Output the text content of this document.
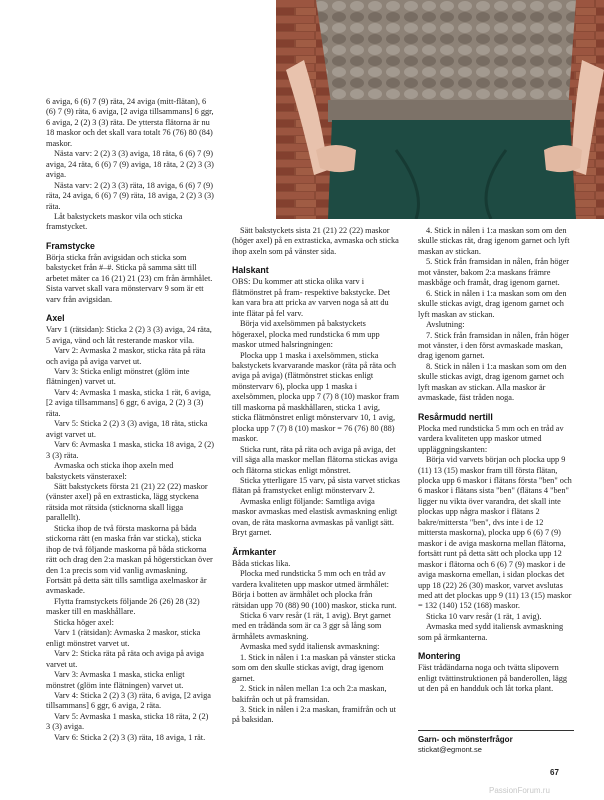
6 aviga, 6 (6) 7 (9) räta, 24 aviga (mitt-flätan), 6 (6) 7 (9) räta, 6 aviga, [2 aviga tillsammans] 6 ggr, 6 aviga, 2 (2) 3 (3) räta. De yttersta flätorna är nu 18 maskor och det skall vara totalt 76 (76) 80 (84) maskor.

Nästa varv: 2 (2) 3 (3) aviga, 18 räta, 6 (6) 7 (9) aviga, 24 räta, 6 (6) 7 (9) aviga, 18 räta, 2 (2) 3 (3) aviga.

Nästa varv: 2 (2) 3 (3) räta, 18 aviga, 6 (6) 7 (9) räta, 24 aviga, 6 (6) 7 (9) räta, 18 aviga, 2 (2) 3 (3) räta.

Låt bakstyckets maskor vila och sticka framstycket.

Framstycke

Börja sticka från avigsidan och sticka som bakstycket från #–#. Sticka på samma sätt till arbetet mäter ca 16 (21) 21 (23) cm från ärmhålet. Sista varvet skall vara mönstervarv 9 som är ett varv från avigsidan.

Axel

Varv 1 (rätsidan): Sticka 2 (2) 3 (3) aviga, 24 räta, 5 aviga, vänd och låt resterande maskor vila.

Varv 2: Avmaska 2 maskor, sticka räta på räta och aviga på aviga varvet ut.

Varv 3: Sticka enligt mönstret (glöm inte flätningen) varvet ut.

Varv 4: Avmaska 1 maska, sticka 1 rät, 6 aviga, [2 aviga tillsammans] 6 ggr, 6 aviga, 2 (2) 3 (3) räta.

Varv 5: Sticka 2 (2) 3 (3) aviga, 18 räta, sticka avigt varvet ut.

Varv 6: Avmaska 1 maska, sticka 18 aviga, 2 (2) 3 (3) räta.

Avmaska och sticka ihop axeln med bakstyckets vänsteraxel:

Sätt bakstyckets första 21 (21) 22 (22) maskor (vänster axel) på en extrasticka, lägg styckena rätsida mot rätsida (sticknorna skall ligga parallellt).

Sticka ihop de två första maskorna på båda stickorna rätt (en maska från var sticka), sticka ihop de två följande maskorna på båda stickorna rätt och drag den 2:a maskan på högerstickan över den 1:a precis som vid vanlig avmaskning. Fortsätt på detta sätt tills samtliga axelmaskor är avmaskade.

Flytta framstyckets följande 26 (26) 28 (32) masker till en maskhållare.

Sticka höger axel:

Varv 1 (rätsidan): Avmaska 2 maskor, sticka enligt mönstret varvet ut.

Varv 2: Sticka räta på räta och aviga på aviga varvet ut.

Varv 3: Avmaska 1 maska, sticka enligt mönstret (glöm inte flätningen) varvet ut.

Varv 4: Sticka 2 (2) 3 (3) räta, 6 aviga, [2 aviga tillsammans] 6 ggr, 6 aviga, 2 räta.

Varv 5: Avmaska 1 maska, sticka 18 räta, 2 (2) 3 (3) aviga.

Varv 6: Sticka 2 (2) 3 (3) räta, 18 aviga, 1 rät.

Sätt bakstyckets sista 21 (21) 22 (22) maskor (höger axel) på en extrasticka, avmaska och sticka ihop axeln som på vänster sida.

Halskant

OBS: Du kommer att sticka olika varv i flätmönstret på fram- respektive bakstycke. Det kan vara bra att pricka av varven noga så att du inte flätar på fel varv.

Börja vid axelsömmen på bakstyckets högeraxel, plocka med rundsticka 6 mm upp maskor utmed halsringningen:

Plocka upp 1 maska i axelsömmen, sticka bakstyckets kvarvarande maskor (räta på räta och aviga på aviga) (flätmönstret stickas enligt mönstervarv 6), plocka upp 1 maska i axelsömmen, plocka upp 7 (7) 8 (10) maskor fram till maskorna på maskhållaren, sticka 1 avig, sticka flätmönstret enligt mönstervarv 10, 1 avig, plocka upp 7 (7) 8 (10) maskor = 76 (76) 80 (88) maskor.

Sticka runt, räta på räta och aviga på aviga, det vill säga alla maskor mellan flätorna stickas aviga och flätorna stickas enligt mönstret.

Sticka ytterligare 15 varv, på sista varvet stickas flätan på framstycket enligt mönstervarv 2.

Avmaska enligt följande: Samtliga aviga maskor avmaskas med elastisk avmaskning enligt ovan, de räta maskorna avmaskas på vanligt sätt. Bryt garnet.

Ärmkanter

Båda stickas lika.

Plocka med rundsticka 5 mm och en tråd av vardera kvaliteten upp maskor utmed ärmhålet: Börja i botten av ärmhålet och plocka från rätsidan upp 70 (88) 90 (100) maskor, sticka runt.

Sticka 6 varv resår (1 rät, 1 avig). Bryt garnet med en trådända som är ca 3 ggr så lång som ärmhålets avmaskning.

Avmaska med sydd italiensk avmaskning:

1. Stick in nålen i 1:a maskan på vänster sticka som om den skulle stickas avigt, drag igenom garnet.

2. Stick in nålen mellan 1:a och 2:a maskan, bakifrån och ut på framsidan.

3. Stick in nålen i 2:a maskan, framifrån och ut på baksidan.

4. Stick in nålen i 1:a maskan som om den skulle stickas rät, drag igenom garnet och lyft maskan av stickan.

5. Stick från framsidan in nålen, från höger mot vänster, bakom 2:a maskans främre maskbåge och framåt, drag igenom garnet.

6. Stick in nålen i 1:a maskan som om den skulle stickas avigt, drag igenom garnet och lyft maskan av stickan.

Avslutning:

7. Stick från framsidan in nålen, från höger mot vänster, i den först avmaskade maskan, drag igenom garnet.

8. Stick in nålen i 1:a maskan som om den skulle stickas avigt, drag igenom garnet och lyft maskan av stickan. Alla maskor är avmaskade, fäst tråden noga.

Resårmudd nertill

Plocka med rundsticka 5 mm och en tråd av vardera kvaliteten upp maskor utmed uppläggningskanten:

Börja vid varvets början och plocka upp 9 (11) 13 (15) maskor fram till första flätan, plocka upp 6 maskor i flätans första "ben" och 6 maskor i flätans sista "ben" (flätans 4 "ben" ligger nu vikta över varandra, det skall inte plockas upp några maskor i flätans 2 bakre/mittersta "ben", dvs inte i de 12 mittersta maskorna), plocka upp 6 (6) 7 (9) maskor i de aviga maskorna mellan flätorna, fortsätt runt på detta sätt och plocka upp 12 maskor i flätorna och 6 (6) 7 (9) maskor i de aviga maskorna emellan, i sidan plockas det upp 18 (22) 26 (30) maskor, varvet avslutas med att det plockas upp 9 (11) 13 (15) maskor = 132 (140) 152 (168) maskor.

Sticka 10 varv resår (1 rät, 1 avig).

Avmaska med sydd italiensk avmaskning som på ärmkanterna.

Montering

Fäst trådändarna noga och tvätta slipovern enligt tvättinstruktionen på banderollen, lägg ut den på en handduk och låt torka plant.

Garn- och mönsterfrågor
stickat@egmont.se
67
PassionForum.ru
